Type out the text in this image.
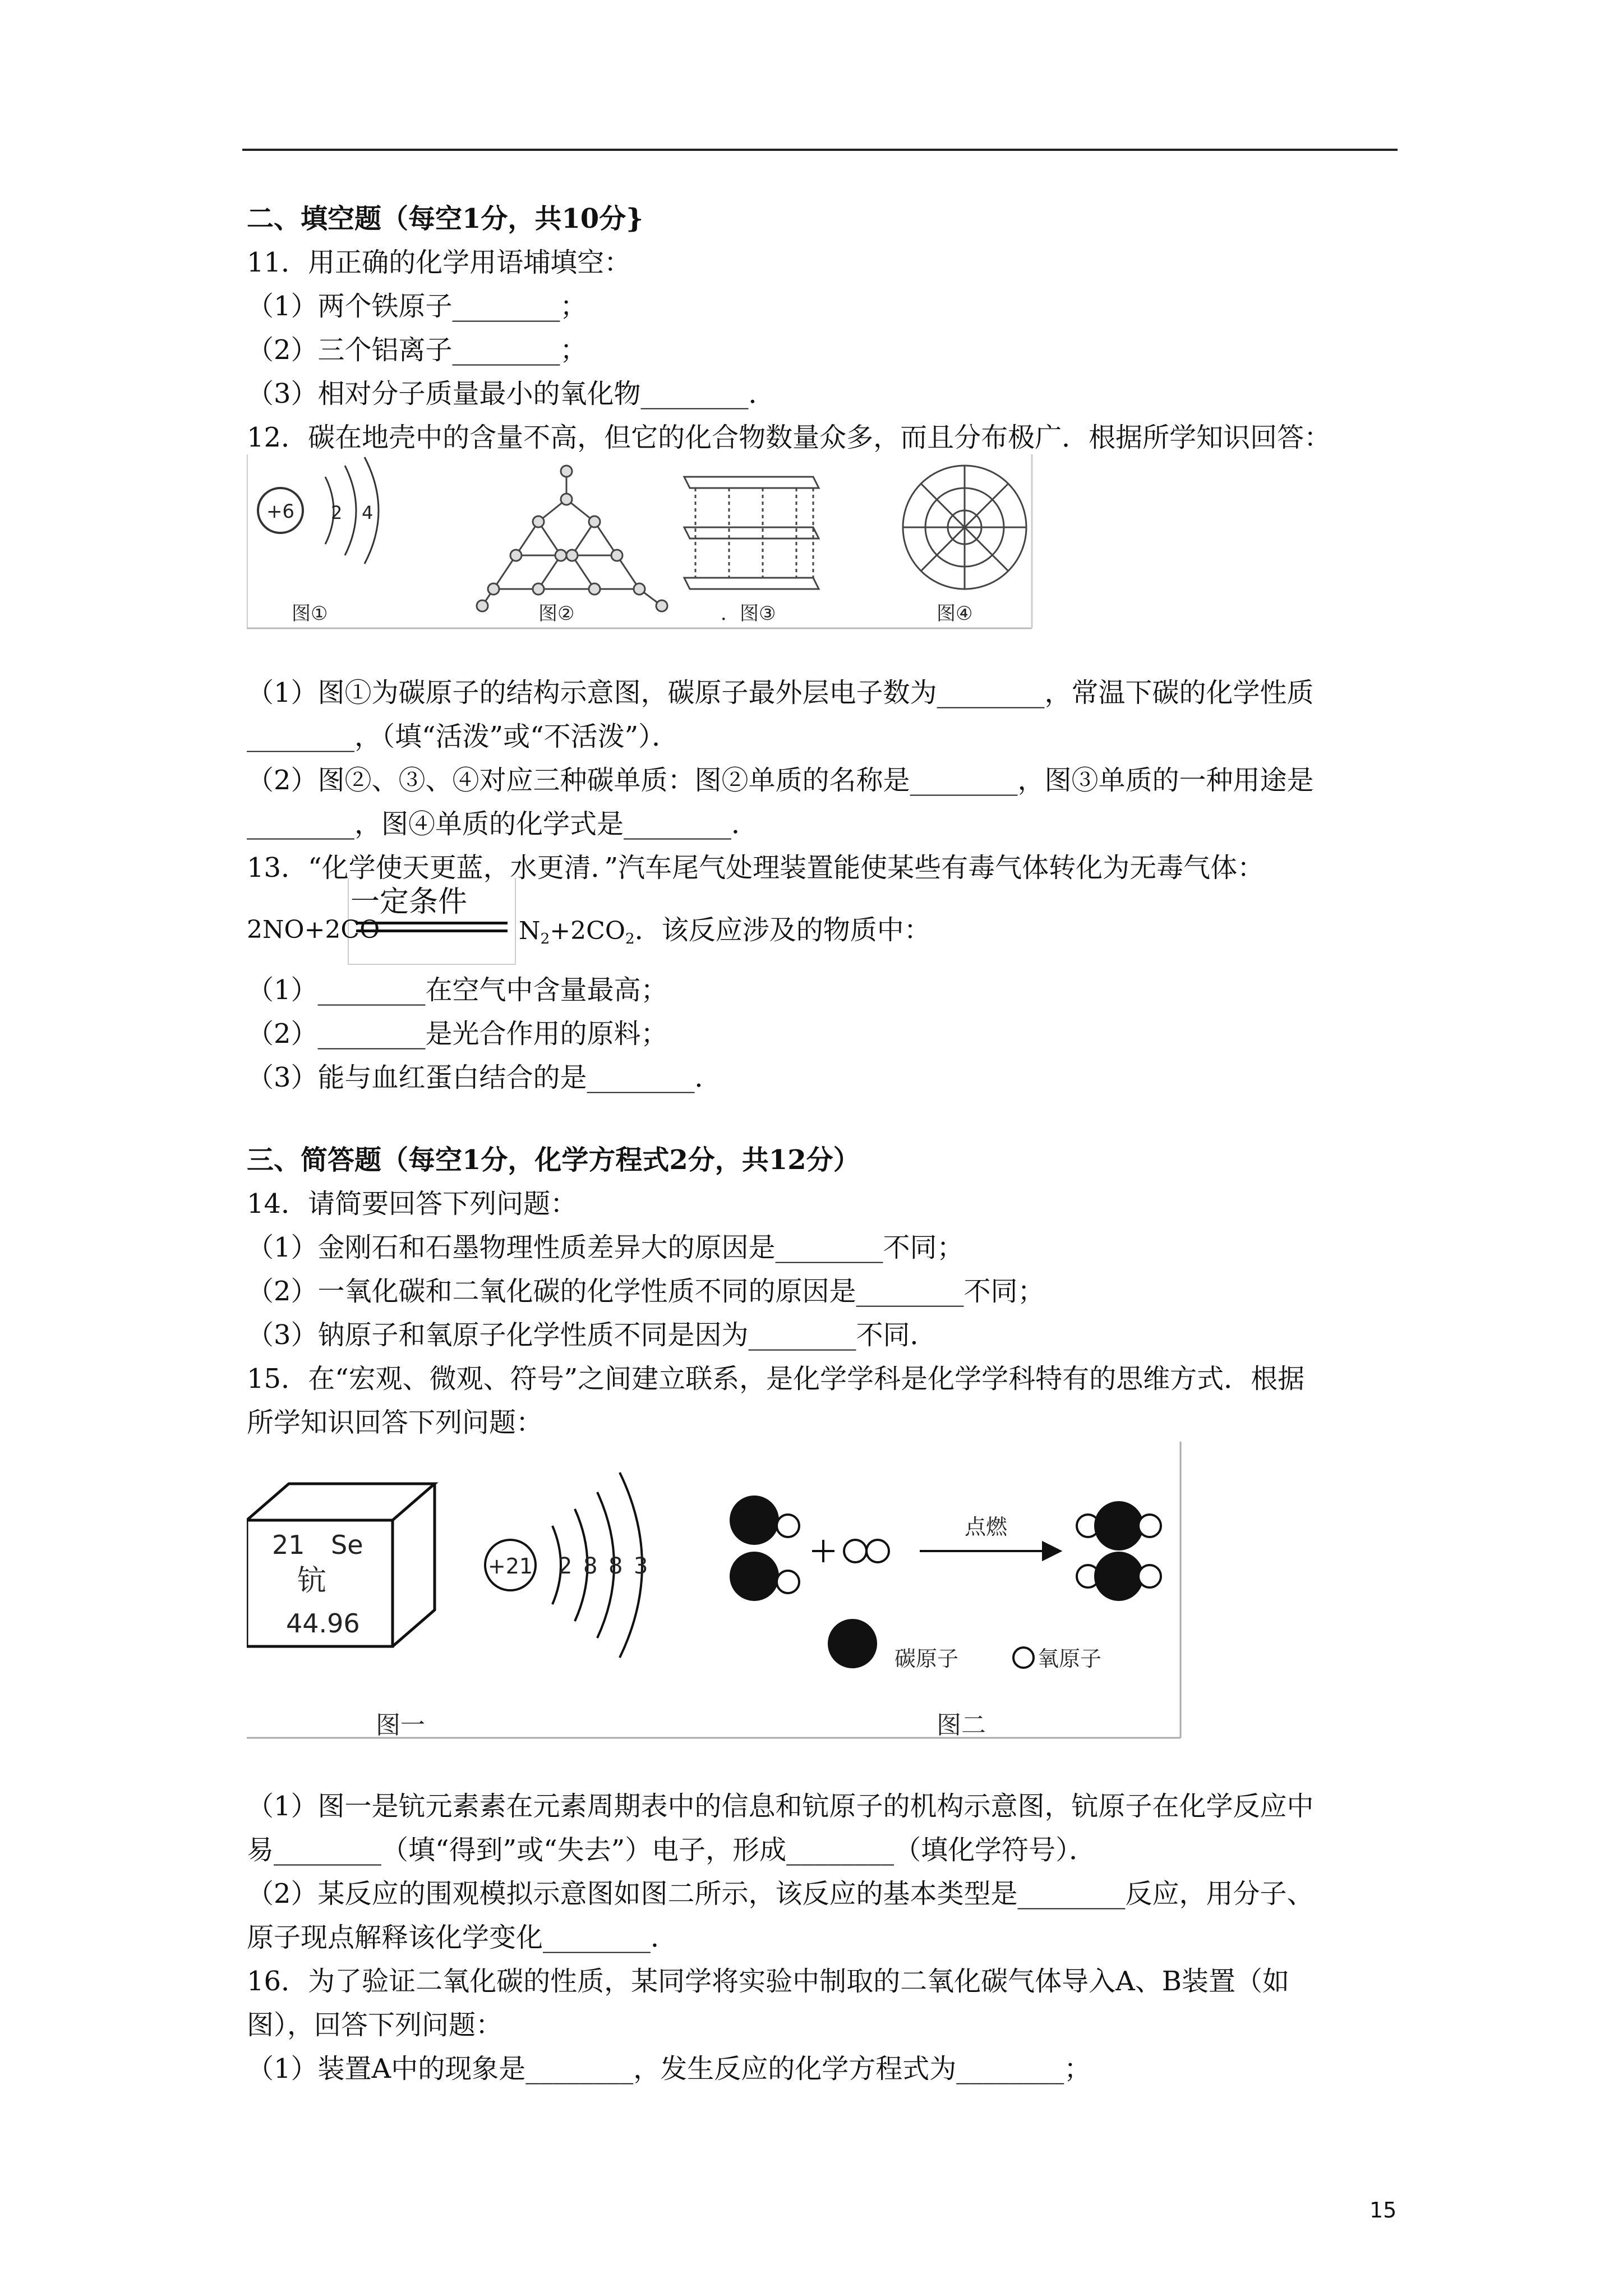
二、填空题（每空1分，共10分}
11．用正确的化学用语埔填空：
（1）两个铁原子________；
（2）三个铝离子________；
（3）相对分子质量最小的氧化物________．
12．碳在地壳中的含量不高，但它的化合物数量众多，而且分布极广．根据所学知识回答：
+6 2 4
图①	图②	．图③	图④
（1）图①为碳原子的结构示意图，碳原子最外层电子数为________，常温下碳的化学性质
________，（填“活泼”或“不活泼”）．
（2）图②、③、④对应三种碳单质：图②单质的名称是________，图③单质的一种用途是
________，图④单质的化学式是________．
13．“化学使天更蓝，水更清．”汽车尾气处理装置能使某些有毒气体转化为无毒气体：
一定条件
2NO+2CO	$N_2+2CO_2$．该反应涉及的物质中：
（1）________在空气中含量最高；
（2）________是光合作用的原料；
（3）能与血红蛋白结合的是________．
三、简答题（每空1分，化学方程式2分，共12分）
14．请简要回答下列问题：
（1）金刚石和石墨物理性质差异大的原因是________不同；
（2）一氧化碳和二氧化碳的化学性质不同的原因是________不同；
（3）钠原子和氧原子化学性质不同是因为________不同．
15．在“宏观、微观、符号”之间建立联系，是化学学科是化学学科特有的思维方式．根据
所学知识回答下列问题：
21 Se
钪
44.96
+21 2 8 8 3
点燃
碳原子	氧原子
图一	图二
（1）图一是钪元素素在元素周期表中的信息和钪原子的机构示意图，钪原子在化学反应中
易________（填“得到”或“失去”）电子，形成________（填化学符号）．
（2）某反应的围观模拟示意图如图二所示，该反应的基本类型是________反应，用分子、
原子现点解释该化学变化________．
16．为了验证二氧化碳的性质，某同学将实验中制取的二氧化碳气体导入A、B装置（如
图），回答下列问题：
（1）装置A中的现象是________，发生反应的化学方程式为________；
15
